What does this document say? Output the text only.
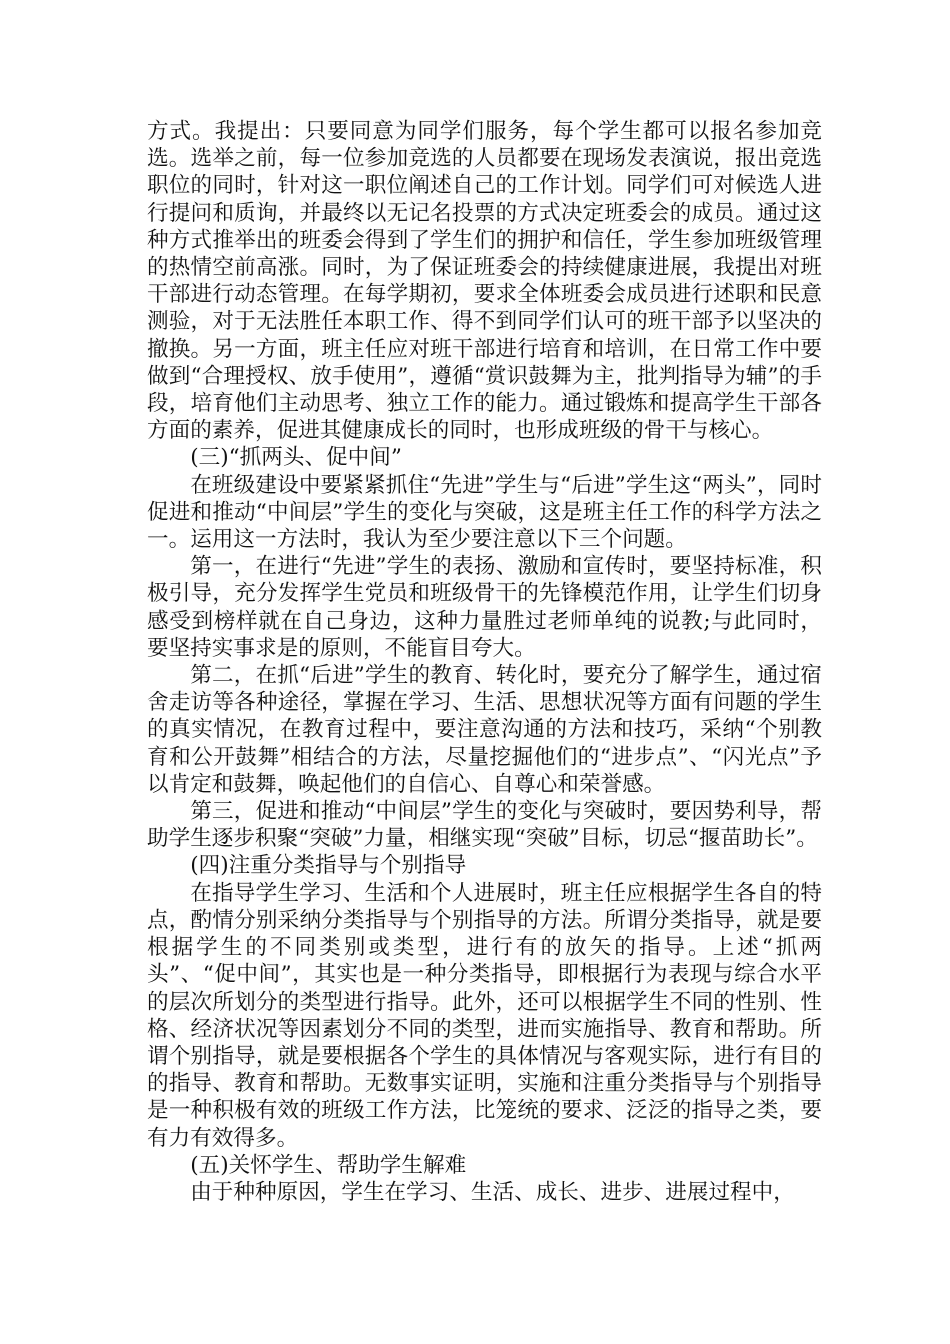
方式。我提出：只要同意为同学们服务，每个学生都可以报名参加竞选。选举之前，每一位参加竞选的人员都要在现场发表演说，报出竞选职位的同时，针对这一职位阐述自己的工作计划。同学们可对候选人进行提问和质询，并最终以无记名投票的方式决定班委会的成员。通过这种方式推举出的班委会得到了学生们的拥护和信任，学生参加班级管理的热情空前高涨。同时，为了保证班委会的持续健康进展，我提出对班干部进行动态管理。在每学期初，要求全体班委会成员进行述职和民意测验，对于无法胜任本职工作、得不到同学们认可的班干部予以坚决的撤换。另一方面，班主任应对班干部进行培育和培训，在日常工作中要做到“合理授权、放手使用”，遵循“赏识鼓舞为主，批判指导为辅”的手段，培育他们主动思考、独立工作的能力。通过锻炼和提高学生干部各方面的素养，促进其健康成长的同时，也形成班级的骨干与核心。

(三)“抓两头、促中间”

在班级建设中要紧紧抓住“先进”学生与“后进”学生这“两头”，同时促进和推动“中间层”学生的变化与突破，这是班主任工作的科学方法之一。运用这一方法时，我认为至少要注意以下三个问题。

第一，在进行“先进”学生的表扬、激励和宣传时，要坚持标准，积极引导，充分发挥学生党员和班级骨干的先锋模范作用，让学生们切身感受到榜样就在自己身边，这种力量胜过老师单纯的说教;与此同时，要坚持实事求是的原则，不能盲目夸大。

第二，在抓“后进”学生的教育、转化时，要充分了解学生，通过宿舍走访等各种途径，掌握在学习、生活、思想状况等方面有问题的学生的真实情况，在教育过程中，要注意沟通的方法和技巧，采纳“个别教育和公开鼓舞”相结合的方法，尽量挖掘他们的“进步点”、“闪光点”予以肯定和鼓舞，唤起他们的自信心、自尊心和荣誉感。

第三，促进和推动“中间层”学生的变化与突破时，要因势利导，帮助学生逐步积聚“突破”力量，相继实现“突破”目标，切忌“揠苗助长”。

(四)注重分类指导与个别指导

在指导学生学习、生活和个人进展时，班主任应根据学生各自的特点，酌情分别采纳分类指导与个别指导的方法。所谓分类指导，就是要根据学生的不同类别或类型，进行有的放矢的指导。上述“抓两头”、“促中间”，其实也是一种分类指导，即根据行为表现与综合水平的层次所划分的类型进行指导。此外，还可以根据学生不同的性别、性格、经济状况等因素划分不同的类型，进而实施指导、教育和帮助。所谓个别指导，就是要根据各个学生的具体情况与客观实际，进行有目的的指导、教育和帮助。无数事实证明，实施和注重分类指导与个别指导是一种积极有效的班级工作方法，比笼统的要求、泛泛的指导之类，要有力有效得多。

(五)关怀学生、帮助学生解难

由于种种原因，学生在学习、生活、成长、进步、进展过程中，
